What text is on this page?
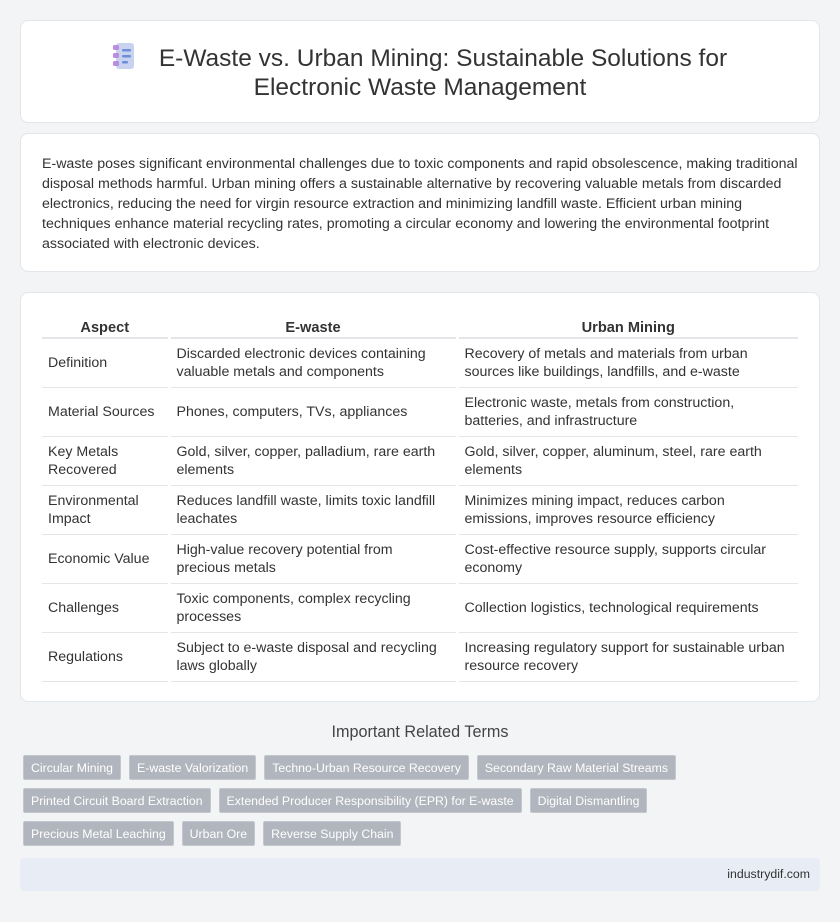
E-Waste vs. Urban Mining: Sustainable Solutions for Electronic Waste Management

E-waste poses significant environmental challenges due to toxic components and rapid obsolescence, making traditional disposal methods harmful. Urban mining offers a sustainable alternative by recovering valuable metals from discarded electronics, reducing the need for virgin resource extraction and minimizing landfill waste. Efficient urban mining techniques enhance material recycling rates, promoting a circular economy and lowering the environmental footprint associated with electronic devices.

Aspect	E-waste	Urban Mining
Definition	Discarded electronic devices containing valuable metals and components	Recovery of metals and materials from urban sources like buildings, landfills, and e-waste
Material Sources	Phones, computers, TVs, appliances	Electronic waste, metals from construction, batteries, and infrastructure
Key Metals Recovered	Gold, silver, copper, palladium, rare earth elements	Gold, silver, copper, aluminum, steel, rare earth elements
Environmental Impact	Reduces landfill waste, limits toxic landfill leachates	Minimizes mining impact, reduces carbon emissions, improves resource efficiency
Economic Value	High-value recovery potential from precious metals	Cost-effective resource supply, supports circular economy
Challenges	Toxic components, complex recycling processes	Collection logistics, technological requirements
Regulations	Subject to e-waste disposal and recycling laws globally	Increasing regulatory support for sustainable urban resource recovery
Important Related Terms
Circular Mining	E-waste Valorization	Techno-Urban Resource Recovery	Secondary Raw Material Streams
Printed Circuit Board Extraction	Extended Producer Responsibility (EPR) for E-waste	Digital Dismantling
Precious Metal Leaching	Urban Ore	Reverse Supply Chain
industrydif.com
